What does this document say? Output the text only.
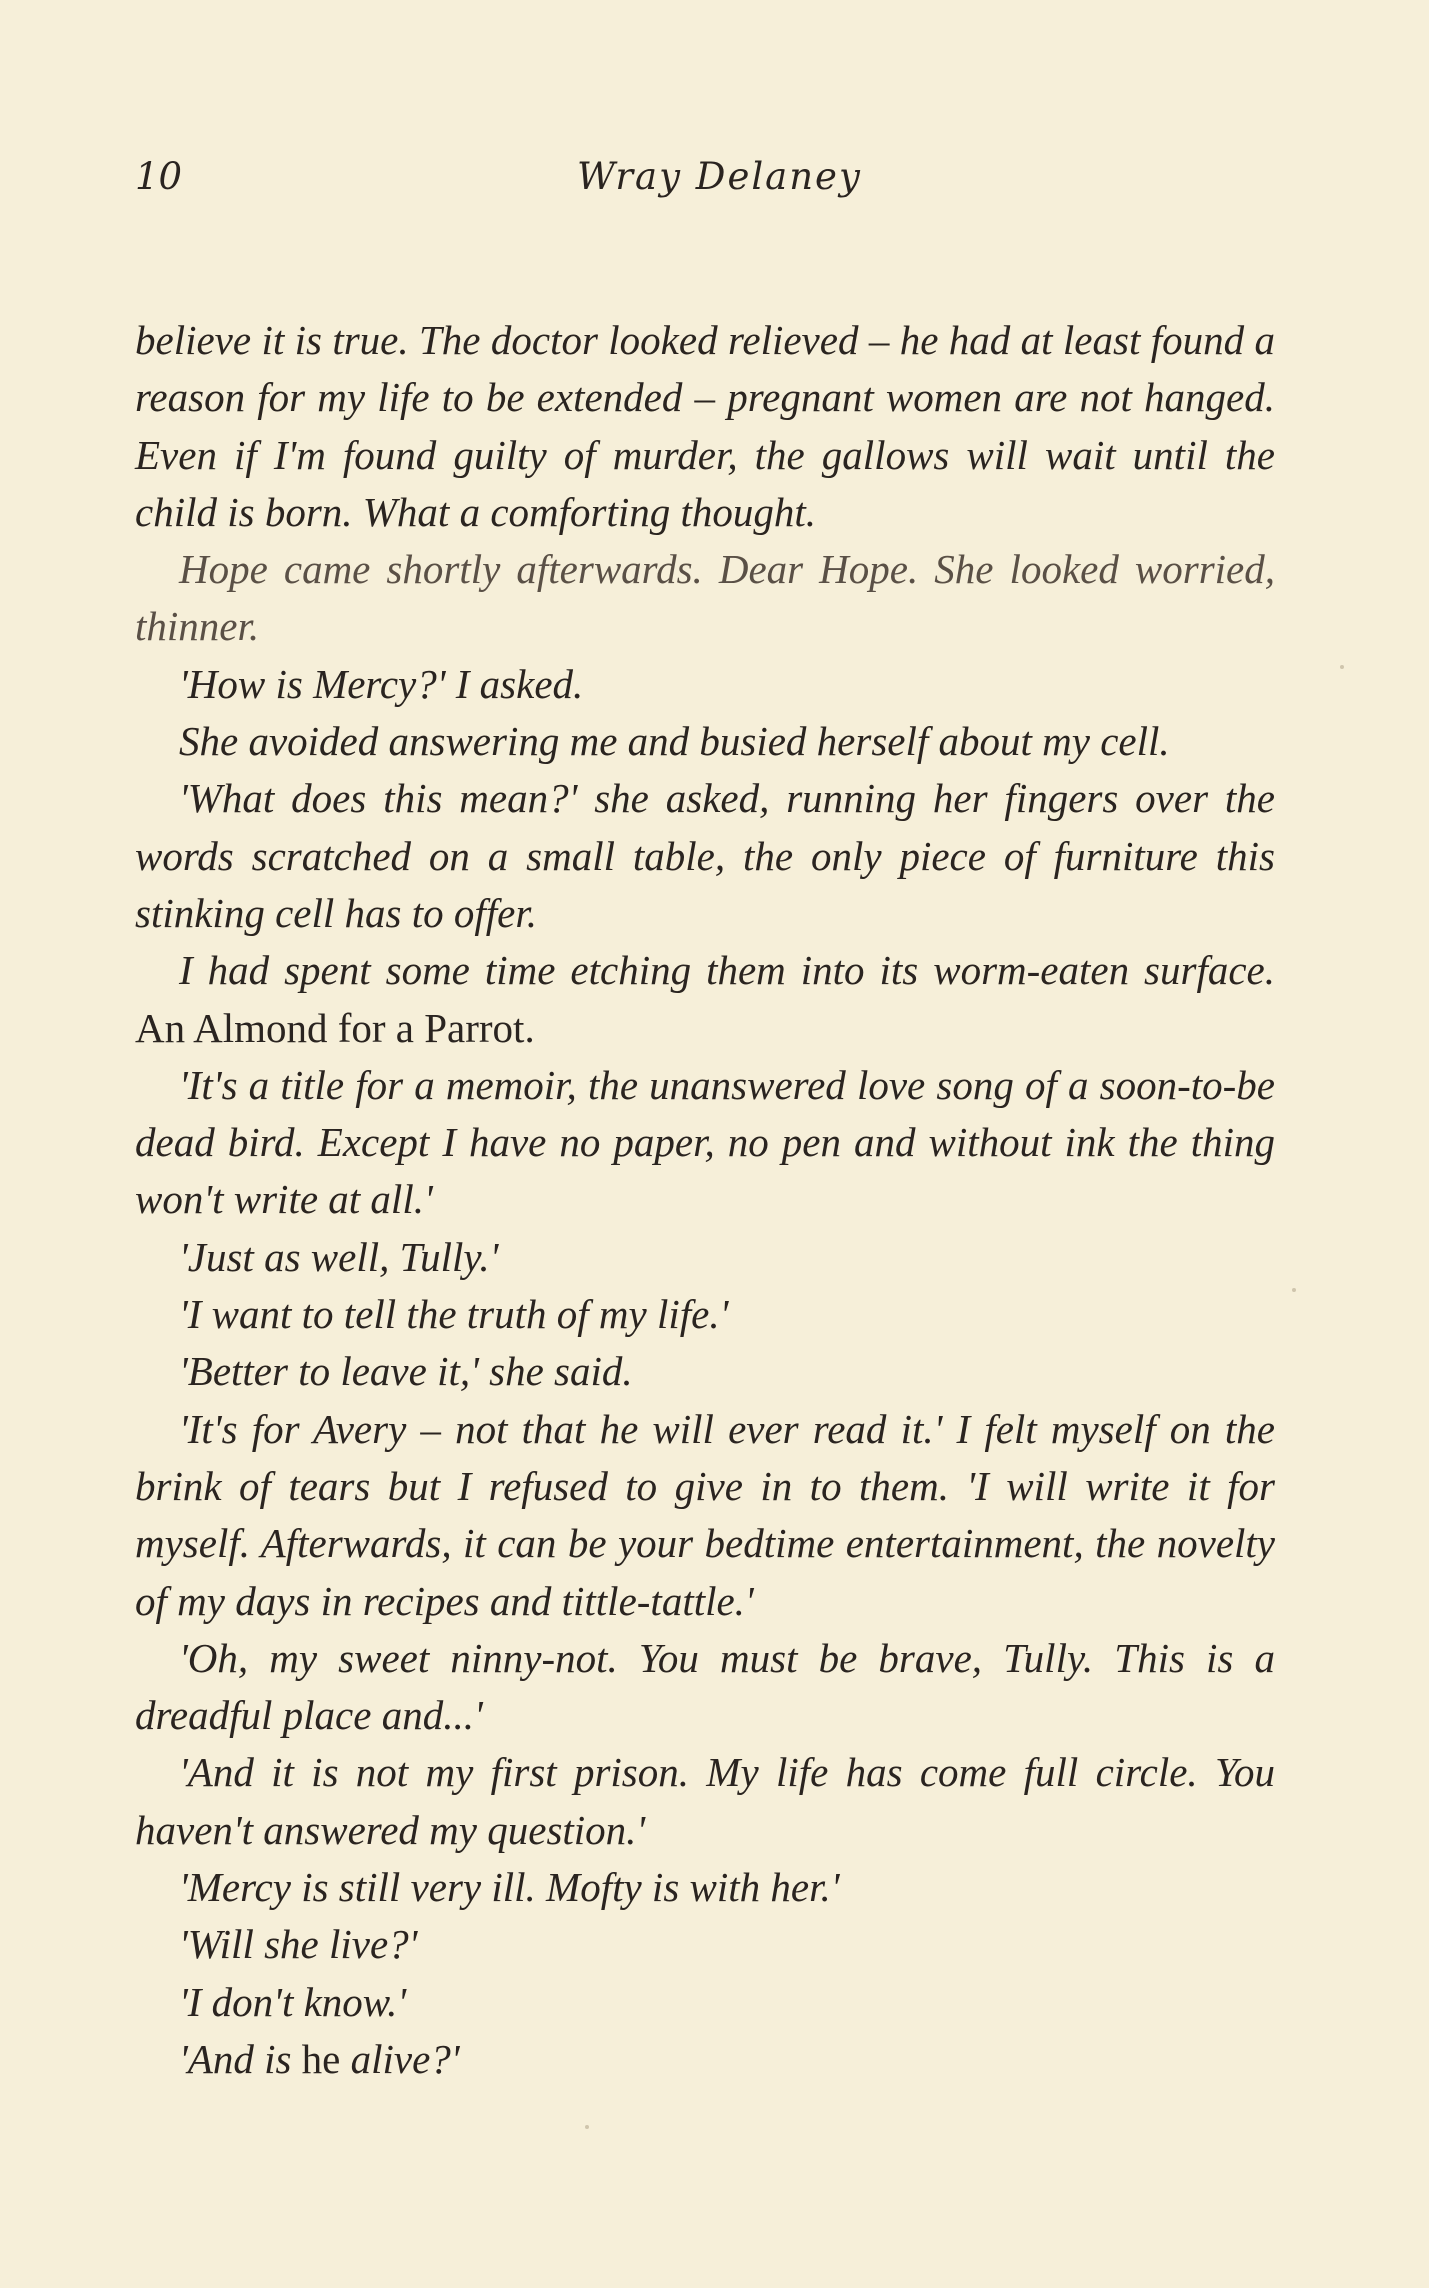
10	Wray Delaney

believe it is true. The doctor looked relieved – he had at least found a reason for my life to be extended – pregnant women are not hanged. Even if I'm found guilty of murder, the gallows will wait until the child is born. What a comforting thought.

Hope came shortly afterwards. Dear Hope. She looked worried, thinner.

'How is Mercy?' I asked.

She avoided answering me and busied herself about my cell.

'What does this mean?' she asked, running her fingers over the words scratched on a small table, the only piece of furniture this stinking cell has to offer.

I had spent some time etching them into its worm-eaten surface. An Almond for a Parrot.

'It's a title for a memoir, the unanswered love song of a soon-to-be dead bird. Except I have no paper, no pen and without ink the thing won't write at all.'

'Just as well, Tully.'

'I want to tell the truth of my life.'

'Better to leave it,' she said.

'It's for Avery – not that he will ever read it.' I felt myself on the brink of tears but I refused to give in to them. 'I will write it for myself. Afterwards, it can be your bedtime entertainment, the novelty of my days in recipes and tittle-tattle.'

'Oh, my sweet ninny-not. You must be brave, Tully. This is a dreadful place and...'

'And it is not my first prison. My life has come full circle. You haven't answered my question.'

'Mercy is still very ill. Mofty is with her.'

'Will she live?'

'I don't know.'

'And is he alive?'
